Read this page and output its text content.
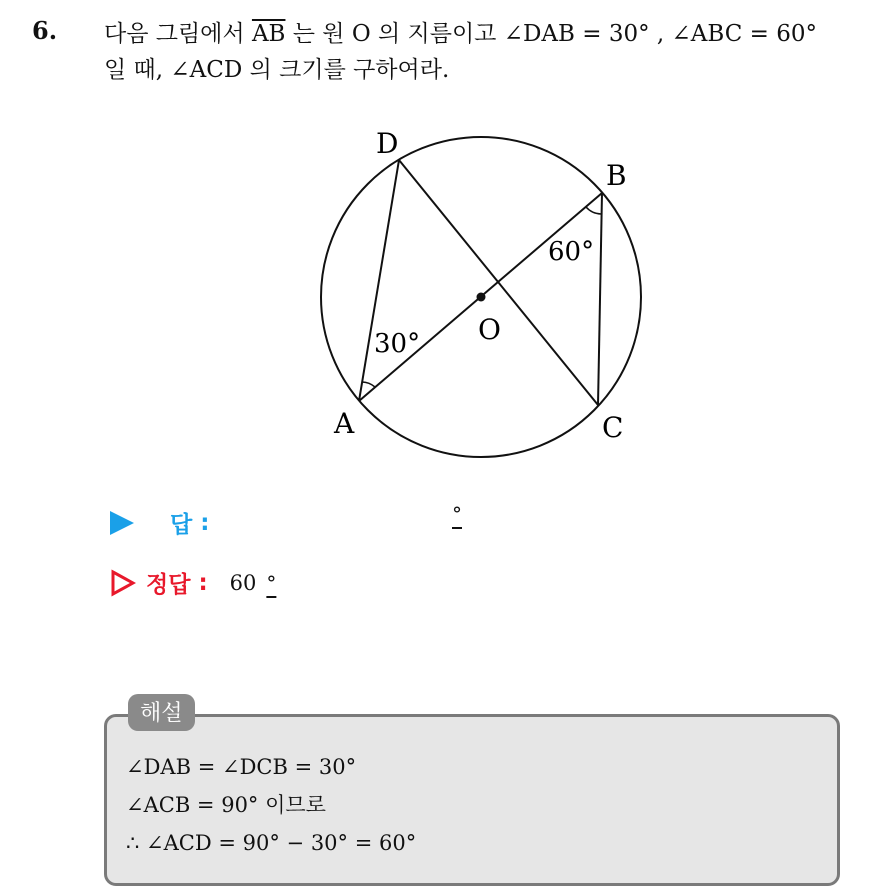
6. 다음 그림에서 $\overline{AB}$ 는 원 O 의 지름이고 ∠DAB = 30° , ∠ABC = 60°
일 때, ∠ACD 의 크기를 구하여라.
D
B
A	C
O
30°
60°
답 :	°
정답 : 60 °
해설
∠DAB = ∠DCB = 30°
∠ACB = 90° 이므로
∴ ∠ACD = 90° − 30° = 60°
